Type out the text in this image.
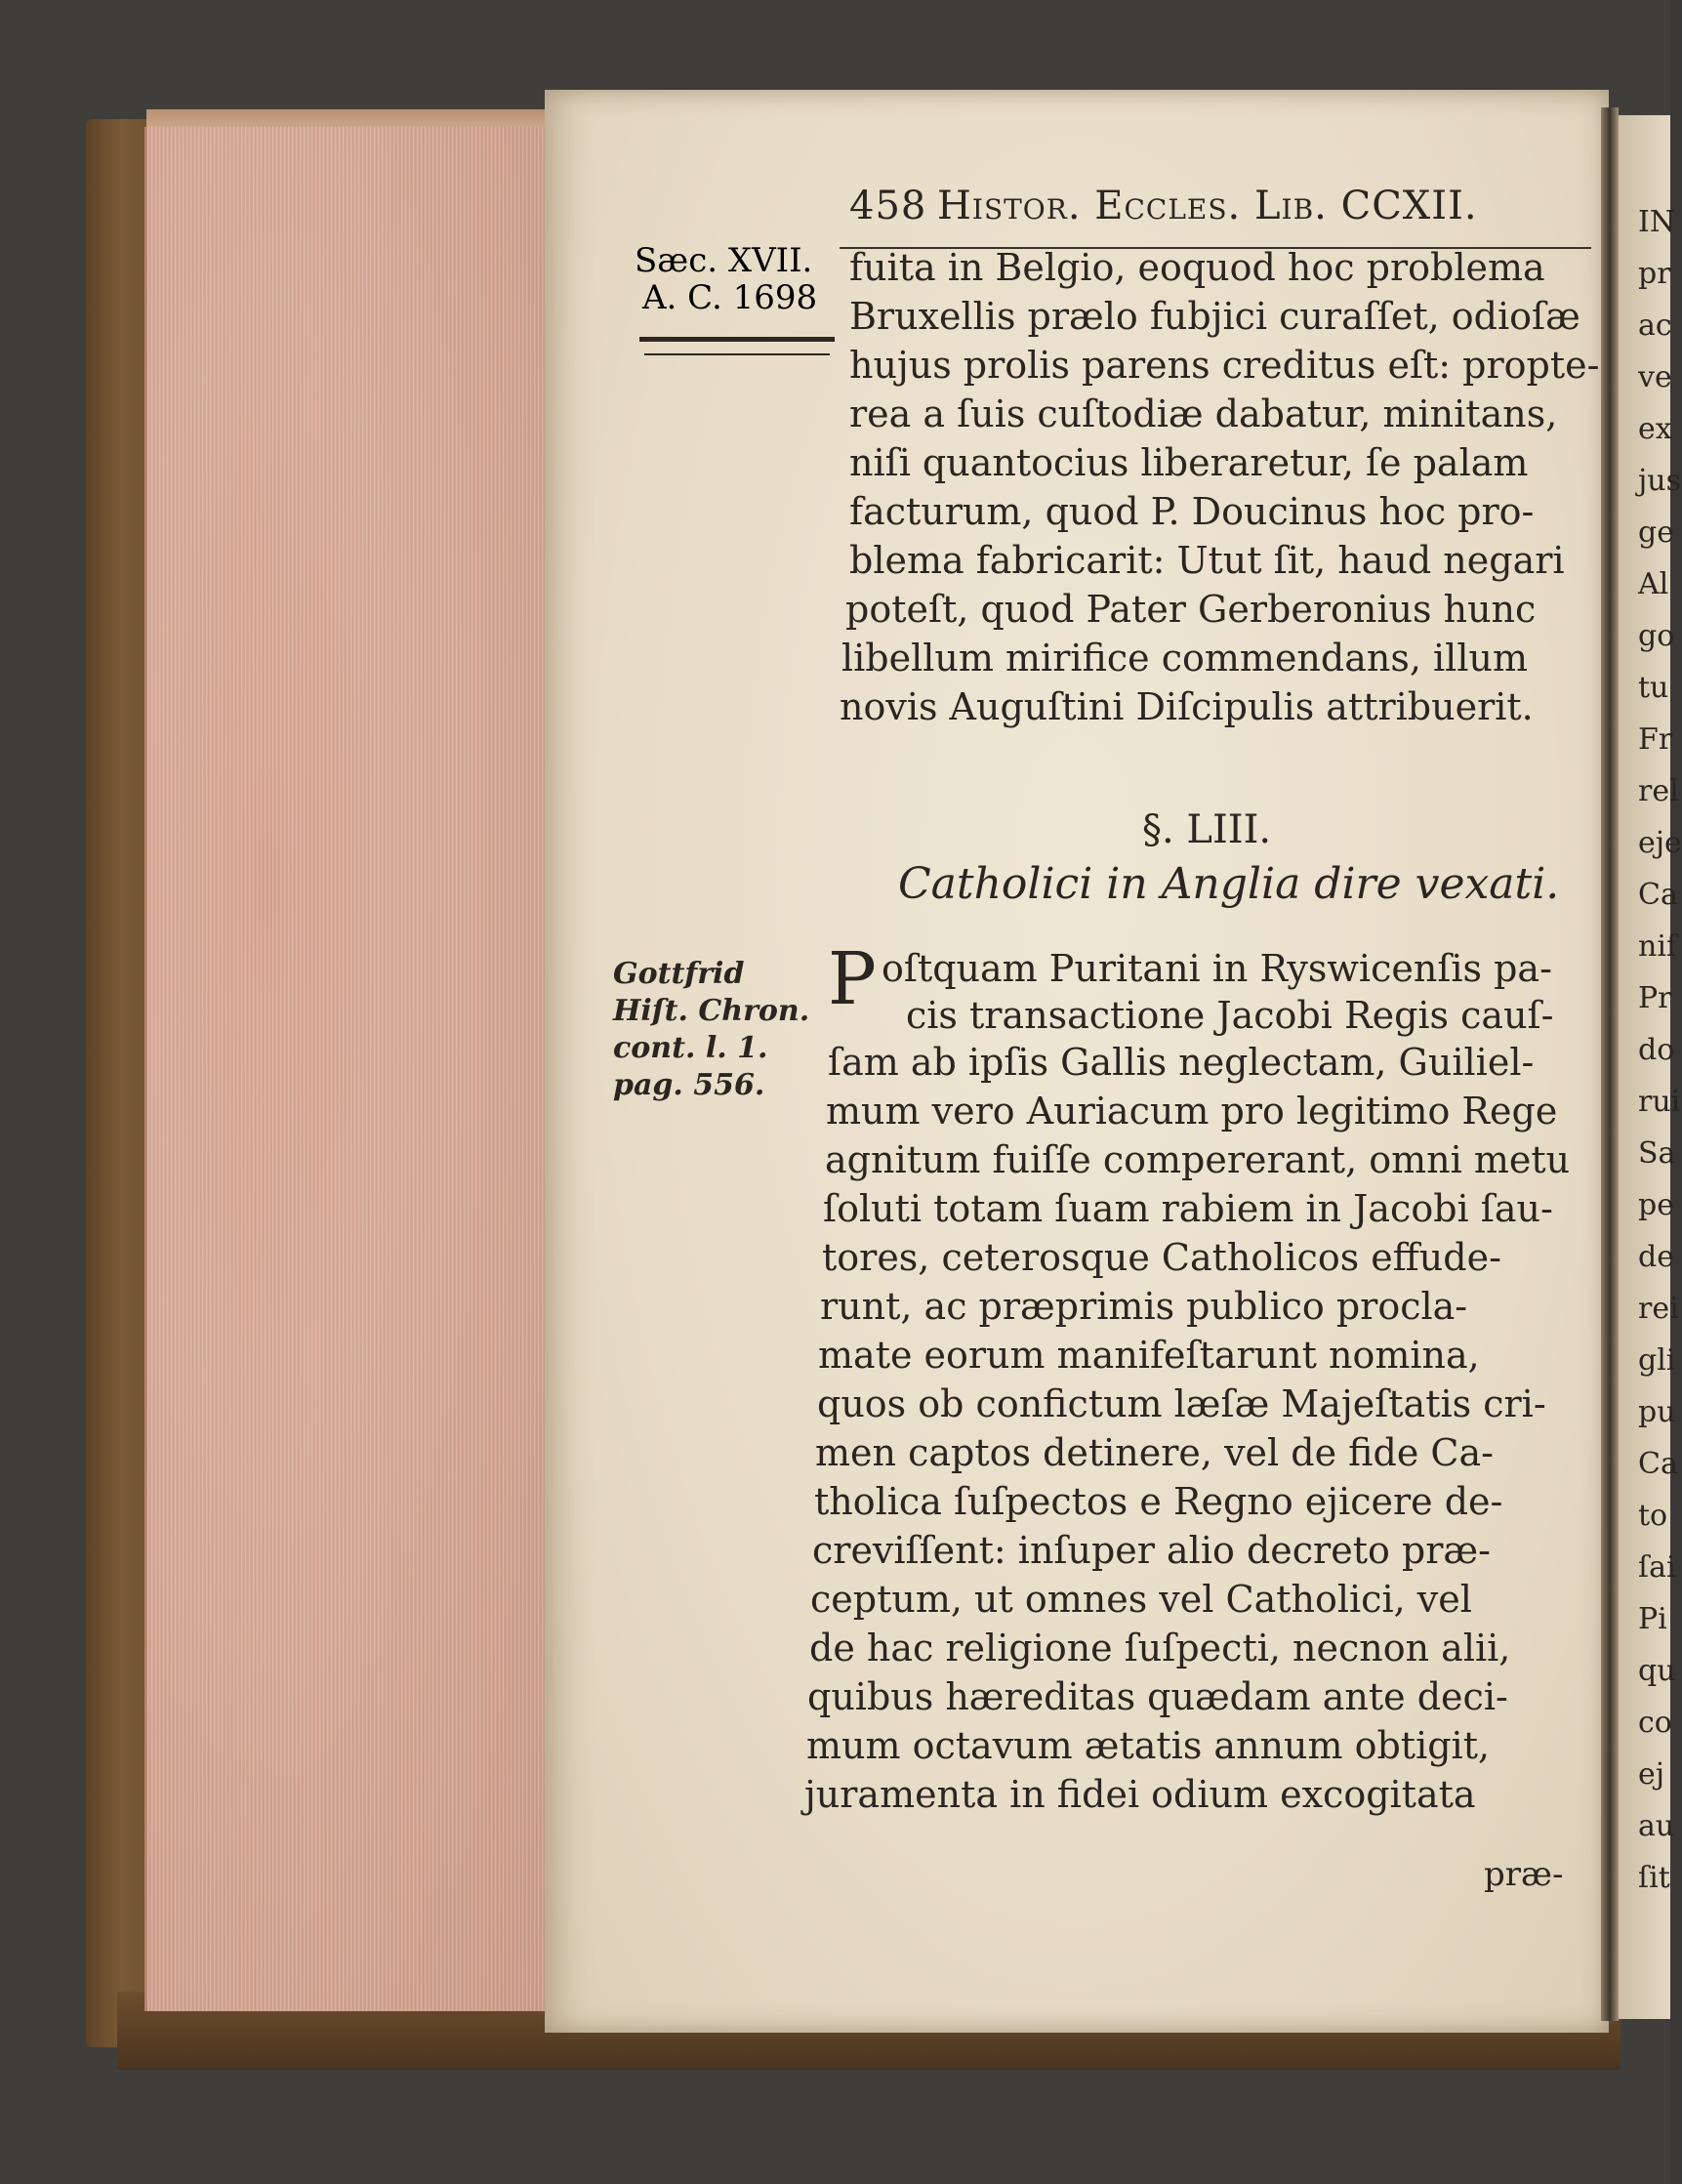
458 Histor. Eccles. Lib. CCXII.
Sæc. XVII.
A. C. 1698
fuita in Belgio, eoquod hoc problema
Bruxellis prælo fubjici curaſſet, odioſæ
hujus prolis parens creditus eſt: propte-
rea a ſuis cuſtodiæ dabatur, minitans,
niſi quantocius liberaretur, ſe palam
facturum, quod P. Doucinus hoc pro-
blema fabricarit: Utut ſit, haud negari
poteſt, quod Pater Gerberonius hunc
libellum mirifice commendans, illum
novis Auguſtini Diſcipulis attribuerit.
§. LIII.
Catholici in Anglia dire vexati.
Gottfrid
Hiſt. Chron.
cont. l. 1.
pag. 556.
P oſtquam Puritani in Ryswicenſis pa-
cis transactione Jacobi Regis cauſ-
ſam ab ipſis Gallis neglectam, Guiliel-
mum vero Auriacum pro legitimo Rege
agnitum fuiſſe compererant, omni metu
ſoluti totam ſuam rabiem in Jacobi ſau-
tores, ceterosque Catholicos effude-
runt, ac præprimis publico procla-
mate eorum manifeſtarunt nomina,
quos ob confictum læſæ Majeſtatis cri-
men captos detinere, vel de fide Ca-
tholica ſuſpectos e Regno ejicere de-
creviſſent: inſuper alio decreto præ-
ceptum, ut omnes vel Catholici, vel
de hac religione ſuſpecti, necnon alii,
quibus hæreditas quædam ante deci-
mum octavum ætatis annum obtigit,
juramenta in fidei odium excogitata
præ-
IN
pr
ac
ve
ex
jus
ge
Al
go
tu
Fr
rel
eje
Ca
niſ
Pr
do
rui
Sa
pe
de
rei
gli
pu
Ca
to
ſai
Pi
qu
co
ej
au
ſit
